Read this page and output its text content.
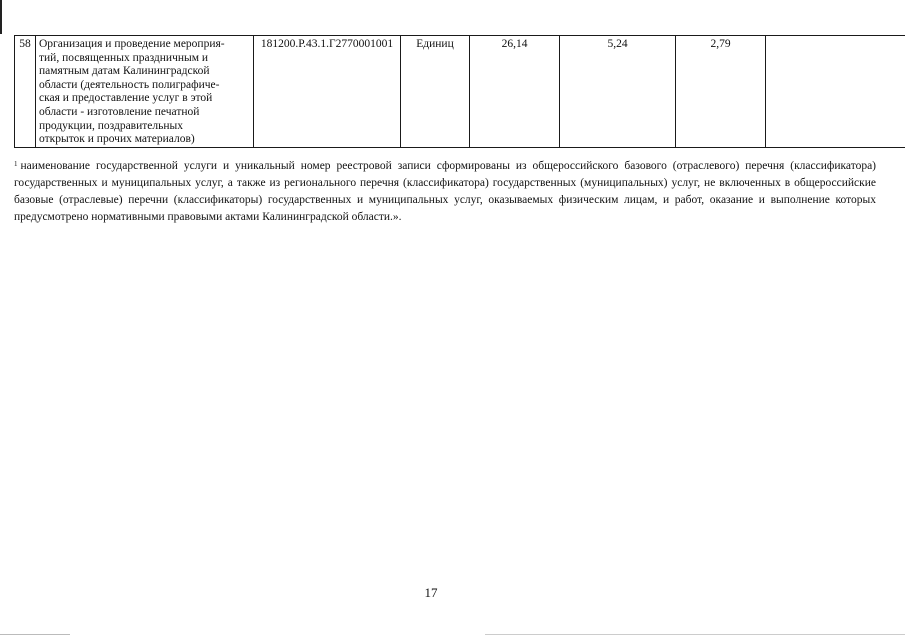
58	Организация и проведение мероприя-
тий, посвященных праздничным и
памятным датам Калининградской
области (деятельность полиграфиче-
ская и предоставление услуг в этой
области - изготовление печатной
продукции, поздравительных
открыток и прочих материалов)
	181200.Р.43.1.Г2770001001	Единиц	26,14	5,24	2,79	

$^1$ наименование государственной услуги и уникальный номер реестровой записи сформированы из общероссийского базового (отраслевого) перечня (классификатора) государственных и муниципальных услуг, а также из регионального перечня (классификатора) государственных (муниципальных) услуг, не включенных в общероссийские базовые (отраслевые) перечни (классификаторы) государственных и муниципальных услуг, оказываемых физическим лицам, и работ, оказание и выполнение которых предусмотрено нормативными правовыми актами Калининградской области.».

17
